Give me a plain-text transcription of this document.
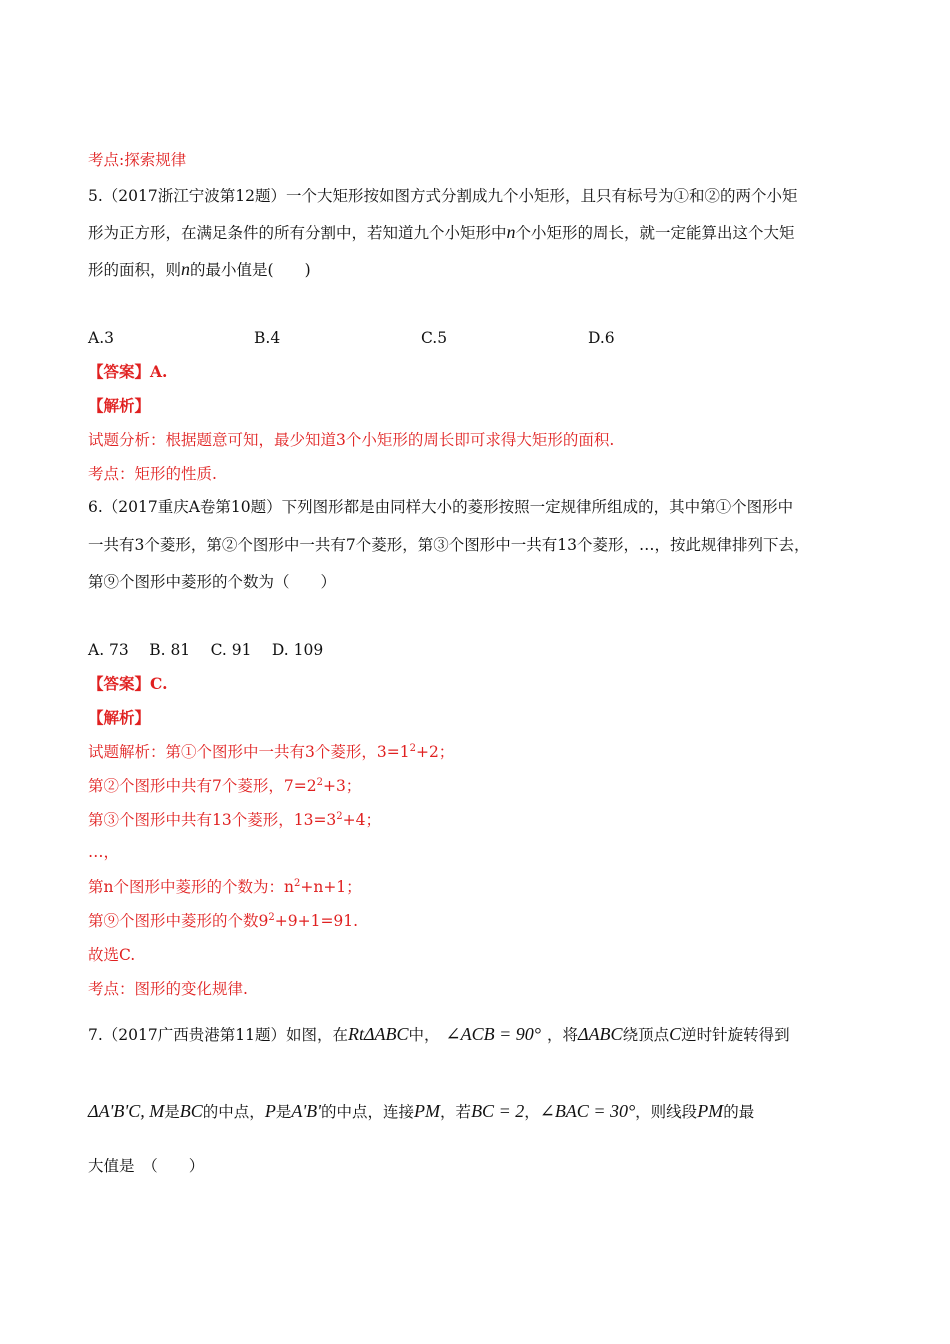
考点:探索规律
5.（2017浙江宁波第12题）一个大矩形按如图方式分割成九个小矩形，且只有标号为①和②的两个小矩
形为正方形，在满足条件的所有分割中，若知道九个小矩形中n个小矩形的周长，就一定能算出这个大矩
形的面积，则n的最小值是(　　)
A.3	B.4	C.5	D.6
【答案】A.
【解析】
试题分析：根据题意可知，最少知道3个小矩形的周长即可求得大矩形的面积.
考点：矩形的性质.
6.（2017重庆A卷第10题）下列图形都是由同样大小的菱形按照一定规律所组成的，其中第①个图形中
一共有3个菱形，第②个图形中一共有7个菱形，第③个图形中一共有13个菱形，…，按此规律排列下去，
第⑨个图形中菱形的个数为（　　）
A. 73　 B. 81　 C. 91　 D. 109
【答案】C.
【解析】
试题解析：第①个图形中一共有3个菱形，$3=1^2+2$；
第②个图形中共有7个菱形，$7=2^2+3$；
第③个图形中共有13个菱形，$13=3^2+4$；
…，
第n个图形中菱形的个数为：$n^2+n+1$；
第⑨个图形中菱形的个数$9^2+9+1=91$.
故选C.
考点：图形的变化规律.
7.（2017广西贵港第11题）如图，在RtΔABC中， ∠ACB = 90° ，将ΔABC绕顶点C逆时针旋转得到
ΔA'B'C, M是BC的中点，P是A'B'的中点，连接PM，若BC = 2，∠BAC = 30°，则线段PM的最
大值是　（　　）
